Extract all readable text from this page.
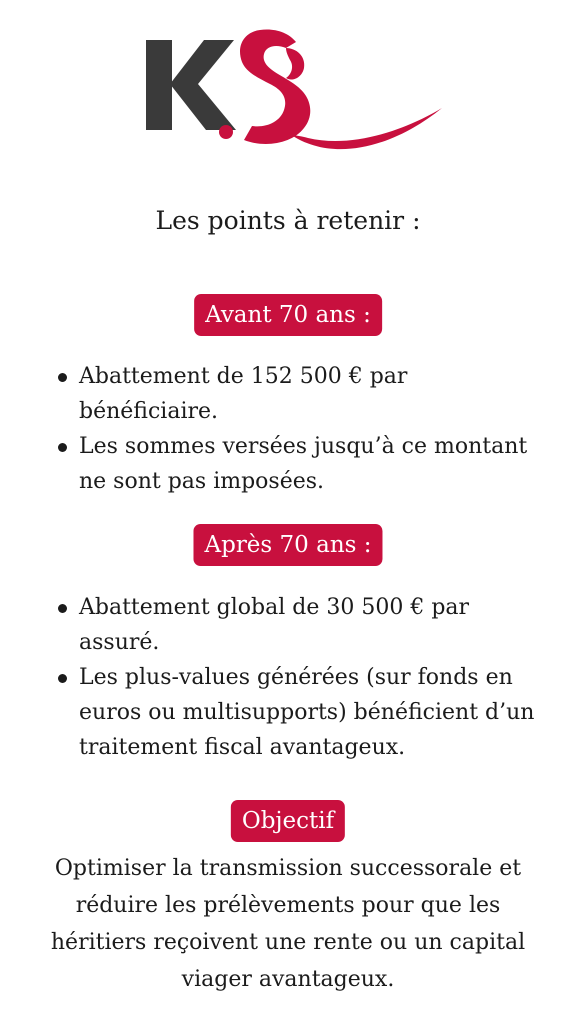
Les points à retenir :
Avant 70 ans :
Abattement de 152 500 € par bénéficiaire.
Les sommes versées jusqu’à ce montant ne sont pas imposées.
Après 70 ans :
Abattement global de 30 500 € par assuré.
Les plus-values générées (sur fonds en euros ou multisupports) bénéficient d’un traitement fiscal avantageux.
Objectif

Optimiser la transmission successorale et réduire les prélèvements pour que les héritiers reçoivent une rente ou un capital viager avantageux.
